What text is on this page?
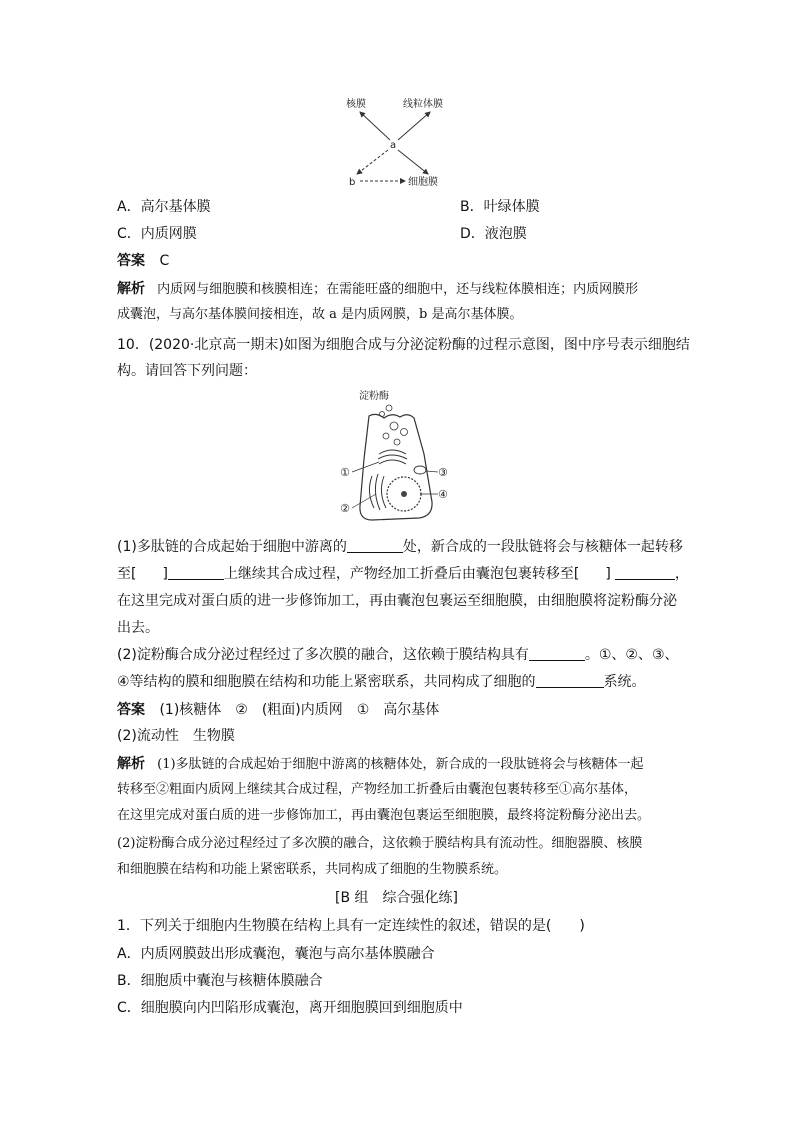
核膜	线粒体膜
a
b	细胞膜
A．高尔基体膜	B．叶绿体膜
C．内质网膜	D．液泡膜
答案 C
解析 内质网与细胞膜和核膜相连；在需能旺盛的细胞中，还与线粒体膜相连；内质网膜形
成囊泡，与高尔基体膜间接相连，故 a 是内质网膜，b 是高尔基体膜。
10．(2020·北京高一期末)如图为细胞合成与分泌淀粉酶的过程示意图，图中序号表示细胞结
构。请回答下列问题：
淀粉酶
①
②
③
④
(1)多肽链的合成起始于细胞中游离的	处，新合成的一段肽链将会与核糖体一起转移
至[ ]	上继续其合成过程，产物经加工折叠后由囊泡包裹转移至[ ]	，
在这里完成对蛋白质的进一步修饰加工，再由囊泡包裹运至细胞膜，由细胞膜将淀粉酶分泌
出去。
(2)淀粉酶合成分泌过程经过了多次膜的融合，这依赖于膜结构具有	。①、②、③、
④等结构的膜和细胞膜在结构和功能上紧密联系，共同构成了细胞的	系统。
答案 (1)核糖体　②　(粗面)内质网　①　高尔基体
(2)流动性　生物膜
解析 (1)多肽链的合成起始于细胞中游离的核糖体处，新合成的一段肽链将会与核糖体一起
转移至②粗面内质网上继续其合成过程，产物经加工折叠后由囊泡包裹转移至①高尔基体，
在这里完成对蛋白质的进一步修饰加工，再由囊泡包裹运至细胞膜，最终将淀粉酶分泌出去。
(2)淀粉酶合成分泌过程经过了多次膜的融合，这依赖于膜结构具有流动性。细胞器膜、核膜
和细胞膜在结构和功能上紧密联系，共同构成了细胞的生物膜系统。
[B 组　综合强化练]
1．下列关于细胞内生物膜在结构上具有一定连续性的叙述，错误的是(　　)
A．内质网膜鼓出形成囊泡，囊泡与高尔基体膜融合
B．细胞质中囊泡与核糖体膜融合
C．细胞膜向内凹陷形成囊泡，离开细胞膜回到细胞质中
